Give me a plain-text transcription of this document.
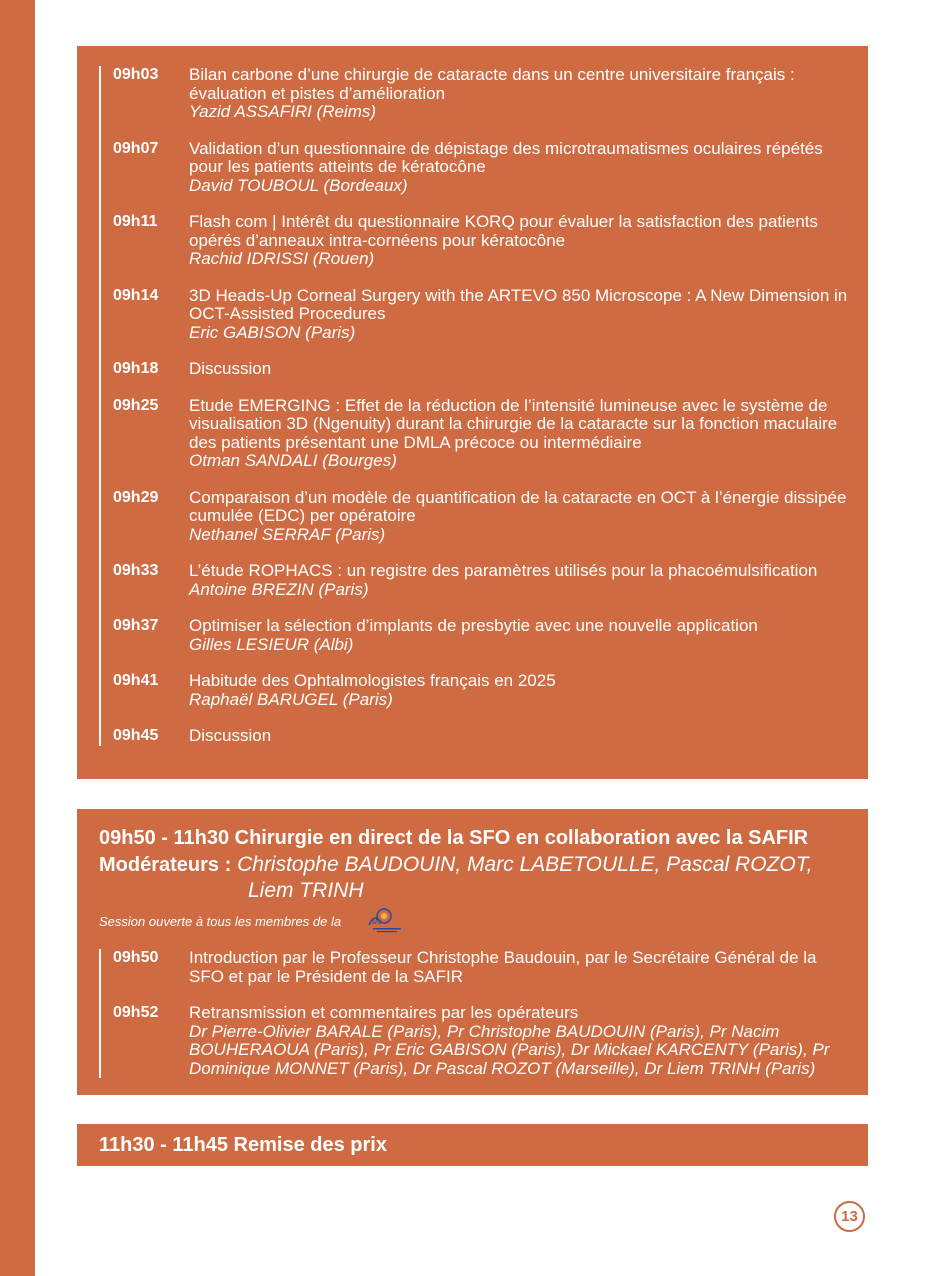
09h03 Bilan carbone d’une chirurgie de cataracte dans un centre universitaire français : évaluation et pistes d’amélioration
Yazid ASSAFIRI (Reims)
09h07 Validation d’un questionnaire de dépistage des microtraumatismes oculaires répétés pour les patients atteints de kératocône
David TOUBOUL (Bordeaux)
09h11 Flash com | Intérêt du questionnaire KORQ pour évaluer la satisfaction des patients opérés d’anneaux intra-cornéens pour kératocône
Rachid IDRISSI (Rouen)
09h14 3D Heads-Up Corneal Surgery with the ARTEVO 850 Microscope : A New Dimension in OCT-Assisted Procedures
Eric GABISON (Paris)
09h18 Discussion
09h25 Etude EMERGING : Effet de la réduction de l’intensité lumineuse avec le système de visualisation 3D (Ngenuity) durant la chirurgie de la cataracte sur la fonction maculaire des patients présentant une DMLA précoce ou intermédiaire
Otman SANDALI (Bourges)
09h29 Comparaison d’un modèle de quantification de la cataracte en OCT à l’énergie dissipée cumulée (EDC) per opératoire
Nethanel SERRAF (Paris)
09h33 L’étude ROPHACS : un registre des paramètres utilisés pour la phacoémulsification
Antoine BREZIN (Paris)
09h37 Optimiser la sélection d’implants de presbytie avec une nouvelle application
Gilles LESIEUR (Albi)
09h41 Habitude des Ophtalmologistes français en 2025
Raphaël BARUGEL (Paris)
09h45 Discussion

09h50 - 11h30 Chirurgie en direct de la SFO en collaboration avec la SAFIR

Modérateurs : Christophe BAUDOUIN, Marc LABETOULLE, Pascal ROZOT,
Liem TRINH
Session ouverte à tous les membres de la	sfo
09h50 Introduction par le Professeur Christophe Baudouin, par le Secrétaire Général de la SFO et par le Président de la SAFIR
09h52 Retransmission et commentaires par les opérateurs
Dr Pierre-Olivier BARALE (Paris), Pr Christophe BAUDOUIN (Paris), Pr Nacim BOUHERAOUA (Paris), Pr Eric GABISON (Paris), Dr Mickael KARCENTY (Paris), Pr Dominique MONNET (Paris), Dr Pascal ROZOT (Marseille), Dr Liem TRINH (Paris)

11h30 - 11h45 Remise des prix

13
